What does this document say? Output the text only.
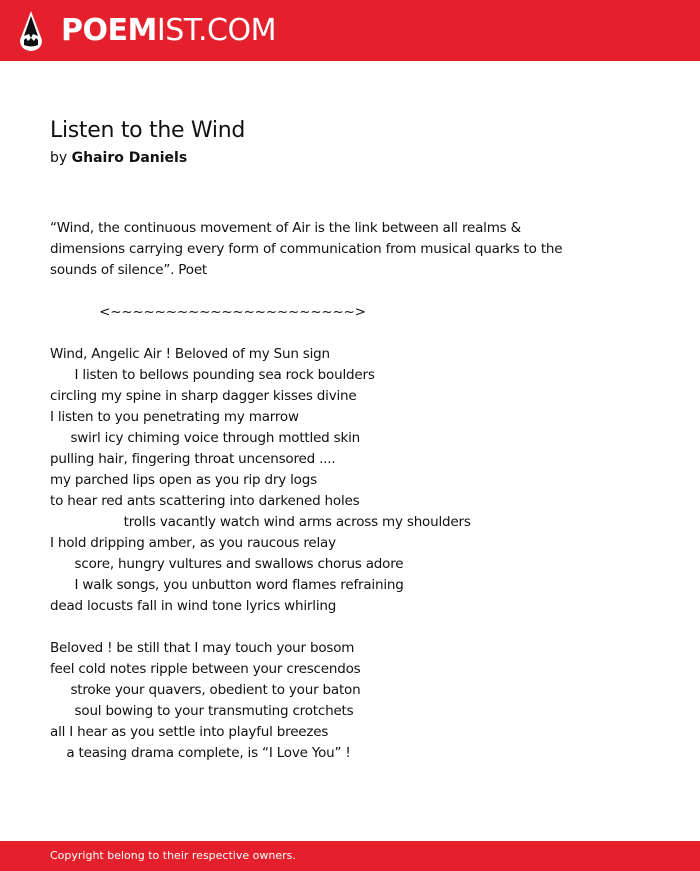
POEMIST.COM
Listen to the Wind
by Ghairo Daniels
“Wind, the continuous movement of Air is the link between all realms &
dimensions carrying every form of communication from musical quarks to the
sounds of silence”. Poet
<~~~~~~~~~~~~~~~~~~~~~~>
Wind, Angelic Air ! Beloved of my Sun sign
I listen to bellows pounding sea rock boulders
circling my spine in sharp dagger kisses divine
I listen to you penetrating my marrow
swirl icy chiming voice through mottled skin
pulling hair, fingering throat uncensored ....
my parched lips open as you rip dry logs
to hear red ants scattering into darkened holes
trolls vacantly watch wind arms across my shoulders
I hold dripping amber, as you raucous relay
score, hungry vultures and swallows chorus adore
I walk songs, you unbutton word flames refraining
dead locusts fall in wind tone lyrics whirling
Beloved ! be still that I may touch your bosom
feel cold notes ripple between your crescendos
stroke your quavers, obedient to your baton
soul bowing to your transmuting crotchets
all I hear as you settle into playful breezes
a teasing drama complete, is “I Love You” !
Copyright belong to their respective owners.
